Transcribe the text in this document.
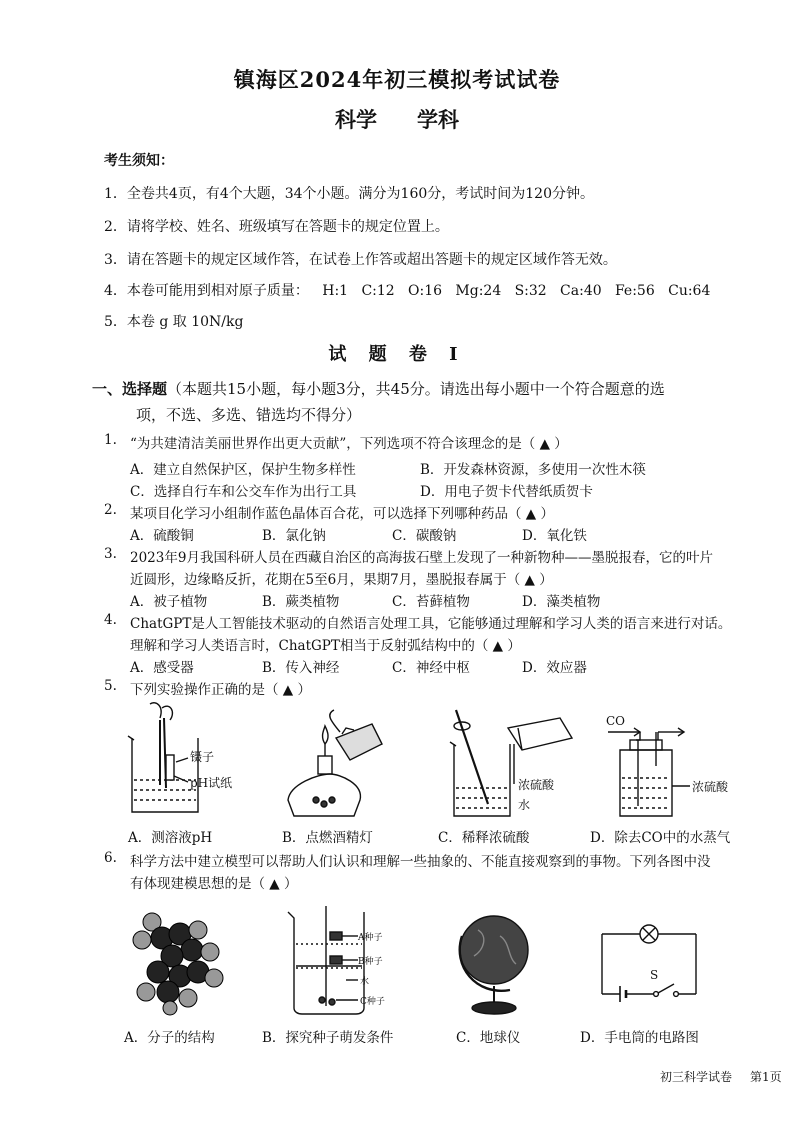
镇海区2024年初三模拟考试试卷
科学 学科
考生须知：
1．全卷共4页，有4个大题，34个小题。满分为160分，考试时间为120分钟。
2．请将学校、姓名、班级填写在答题卡的规定位置上。
3．请在答题卡的规定区域作答，在试卷上作答或超出答题卡的规定区域作答无效。
4．本卷可能用到相对原子质量：   H:1   C:12   O:16   Mg:24   S:32   Ca:40   Fe:56   Cu:64
5．本卷 g 取 10N/kg
试 题 卷 I
一、选择题（本题共15小题，每小题3分，共45分。请选出每小题中一个符合题意的选
项，不选、多选、错选均不得分）
1. “为共建清洁美丽世界作出更大贡献”，下列选项不符合该理念的是（ ▲ ）
A．建立自然保护区，保护生物多样性	B．开发森林资源，多使用一次性木筷
C．选择自行车和公交车作为出行工具	D．用电子贺卡代替纸质贺卡
2. 某项目化学习小组制作蓝色晶体百合花，可以选择下列哪种药品（ ▲ ）
A．硫酸铜	B．氯化钠	C．碳酸钠	D．氧化铁
3. 2023年9月我国科研人员在西藏自治区的高海拔石壁上发现了一种新物种——墨脱报春，它的叶片
近圆形，边缘略反折，花期在5至6月，果期7月，墨脱报春属于（ ▲ ）
A．被子植物	B．蕨类植物	C．苔藓植物	D．藻类植物
4. ChatGPT是人工智能技术驱动的自然语言处理工具，它能够通过理解和学习人类的语言来进行对话。
理解和学习人类语言时，ChatGPT相当于反射弧结构中的（ ▲ ）
A．感受器	B．传入神经	C．神经中枢	D．效应器
5. 下列实验操作正确的是（ ▲ ）
镊子
pH试纸	浓硫酸
水
CO
浓硫酸
A．测溶液pH	B．点燃酒精灯	C．稀释浓硫酸	D．除去CO中的水蒸气
6. 科学方法中建立模型可以帮助人们认识和理解一些抽象的、不能直接观察到的事物。下列各图中没
有体现建模思想的是（ ▲ ）
A种子
B种子
水
C种子
S
A．分子的结构	B．探究种子萌发条件	C．地球仪	D．手电筒的电路图
初三科学试卷 第1页
